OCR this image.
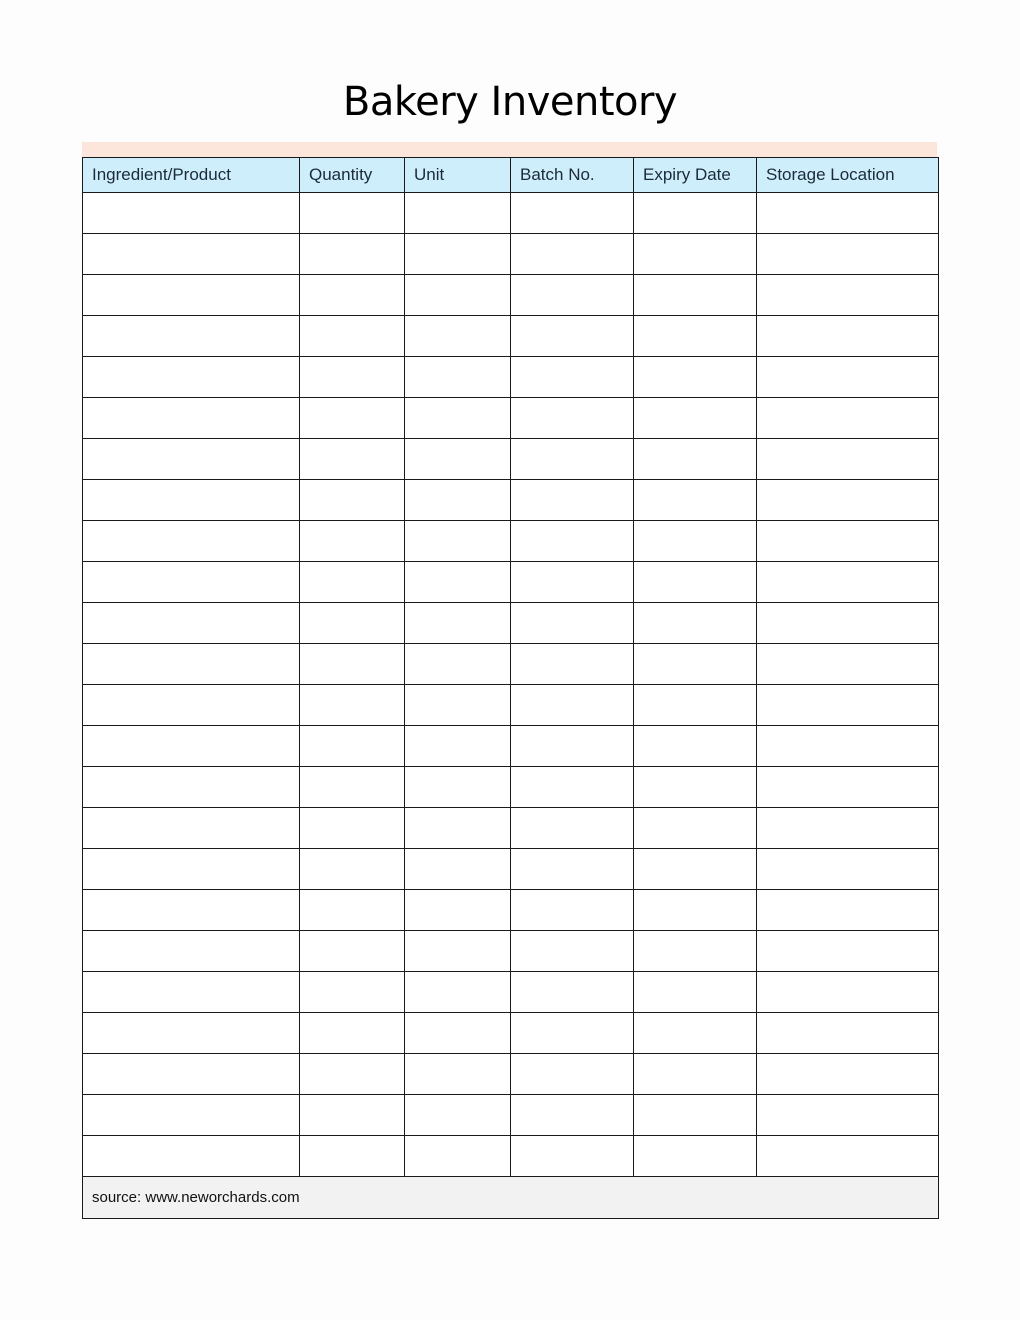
Bakery Inventory
Ingredient/Product	Quantity	Unit	Batch No.	Expiry Date	Storage Location

source: www.neworchards.com					
